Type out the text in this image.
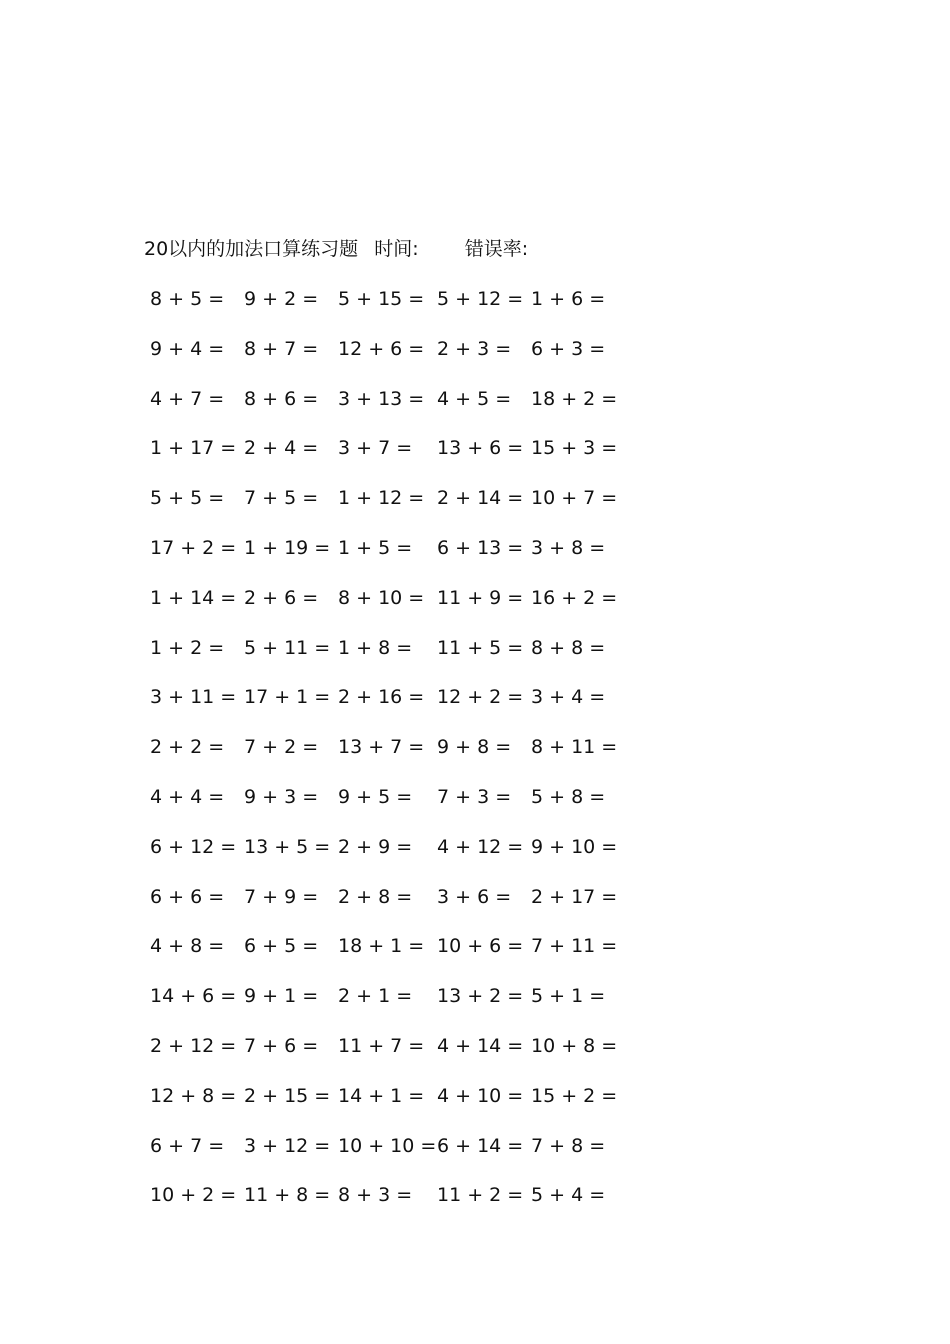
20以内的加法口算练习题 时间: 错误率:
8 + 5 = 9 + 2 = 5 + 15 = 5 + 12 = 1 + 6 =
9 + 4 = 8 + 7 = 12 + 6 = 2 + 3 = 6 + 3 =
4 + 7 = 8 + 6 = 3 + 13 = 4 + 5 = 18 + 2 =
1 + 17 = 2 + 4 = 3 + 7 = 13 + 6 = 15 + 3 =
5 + 5 = 7 + 5 = 1 + 12 = 2 + 14 = 10 + 7 =
17 + 2 = 1 + 19 = 1 + 5 = 6 + 13 = 3 + 8 =
1 + 14 = 2 + 6 = 8 + 10 = 11 + 9 = 16 + 2 =
1 + 2 = 5 + 11 = 1 + 8 = 11 + 5 = 8 + 8 =
3 + 11 = 17 + 1 = 2 + 16 = 12 + 2 = 3 + 4 =
2 + 2 = 7 + 2 = 13 + 7 = 9 + 8 = 8 + 11 =
4 + 4 = 9 + 3 = 9 + 5 = 7 + 3 = 5 + 8 =
6 + 12 = 13 + 5 = 2 + 9 = 4 + 12 = 9 + 10 =
6 + 6 = 7 + 9 = 2 + 8 = 3 + 6 = 2 + 17 =
4 + 8 = 6 + 5 = 18 + 1 = 10 + 6 = 7 + 11 =
14 + 6 = 9 + 1 = 2 + 1 = 13 + 2 = 5 + 1 =
2 + 12 = 7 + 6 = 11 + 7 = 4 + 14 = 10 + 8 =
12 + 8 = 2 + 15 = 14 + 1 = 4 + 10 = 15 + 2 =
6 + 7 = 3 + 12 = 10 + 10 = 6 + 14 = 7 + 8 =
10 + 2 = 11 + 8 = 8 + 3 = 11 + 2 = 5 + 4 =
